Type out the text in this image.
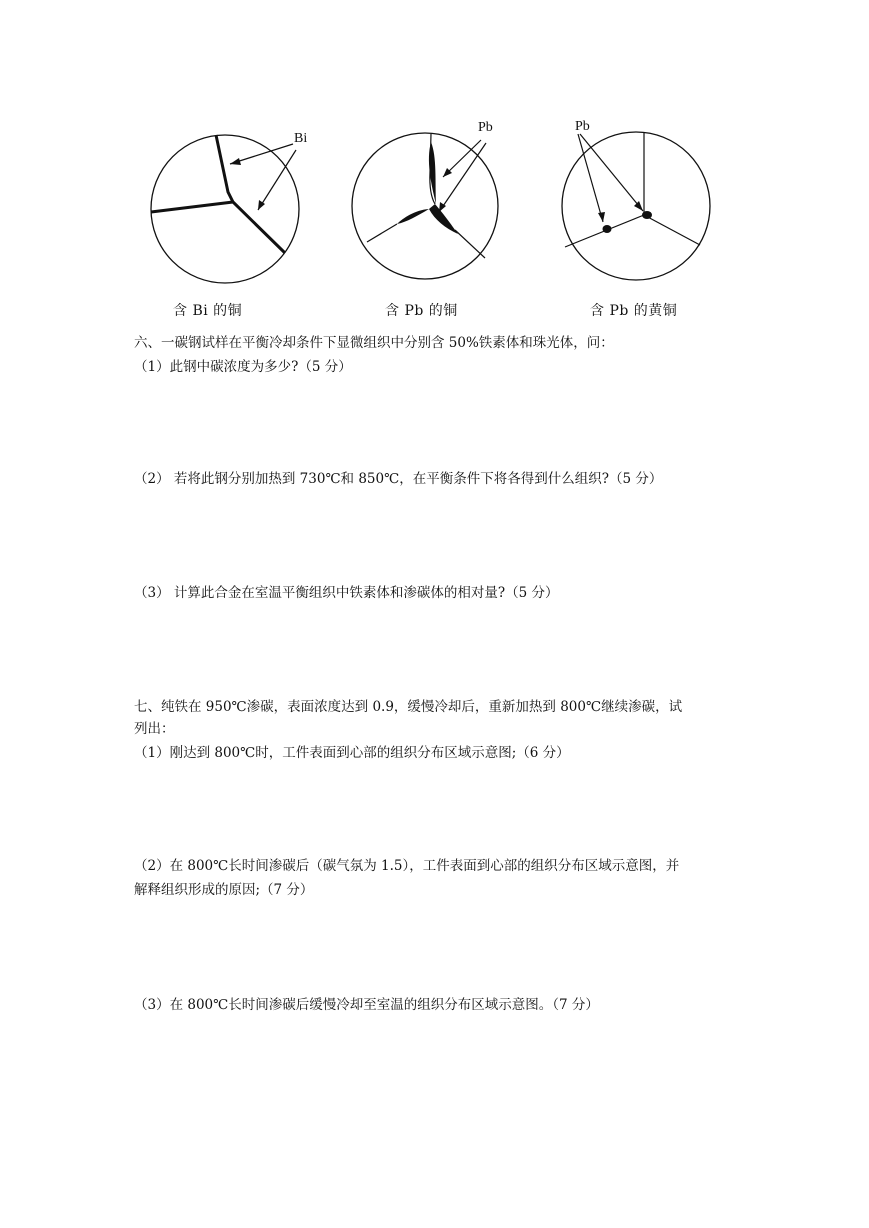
Bi
含 Bi 的铜
Pb
含 Pb 的铜
Pb
含 Pb 的黄铜
六、一碳钢试样在平衡冷却条件下显微组织中分别含 50%铁素体和珠光体，问：
（1）此钢中碳浓度为多少?（5 分）
（2） 若将此钢分别加热到 730℃和 850℃，在平衡条件下将各得到什么组织?（5 分）
（3） 计算此合金在室温平衡组织中铁素体和渗碳体的相对量?（5 分）
七、纯铁在 950℃渗碳，表面浓度达到 0.9，缓慢冷却后，重新加热到 800℃继续渗碳，试
列出：
（1）刚达到 800℃时，工件表面到心部的组织分布区域示意图;（6 分）
（2）在 800℃长时间渗碳后（碳气氛为 1.5），工件表面到心部的组织分布区域示意图，并
解释组织形成的原因;（7 分）
（3）在 800℃长时间渗碳后缓慢冷却至室温的组织分布区域示意图。（7 分）
